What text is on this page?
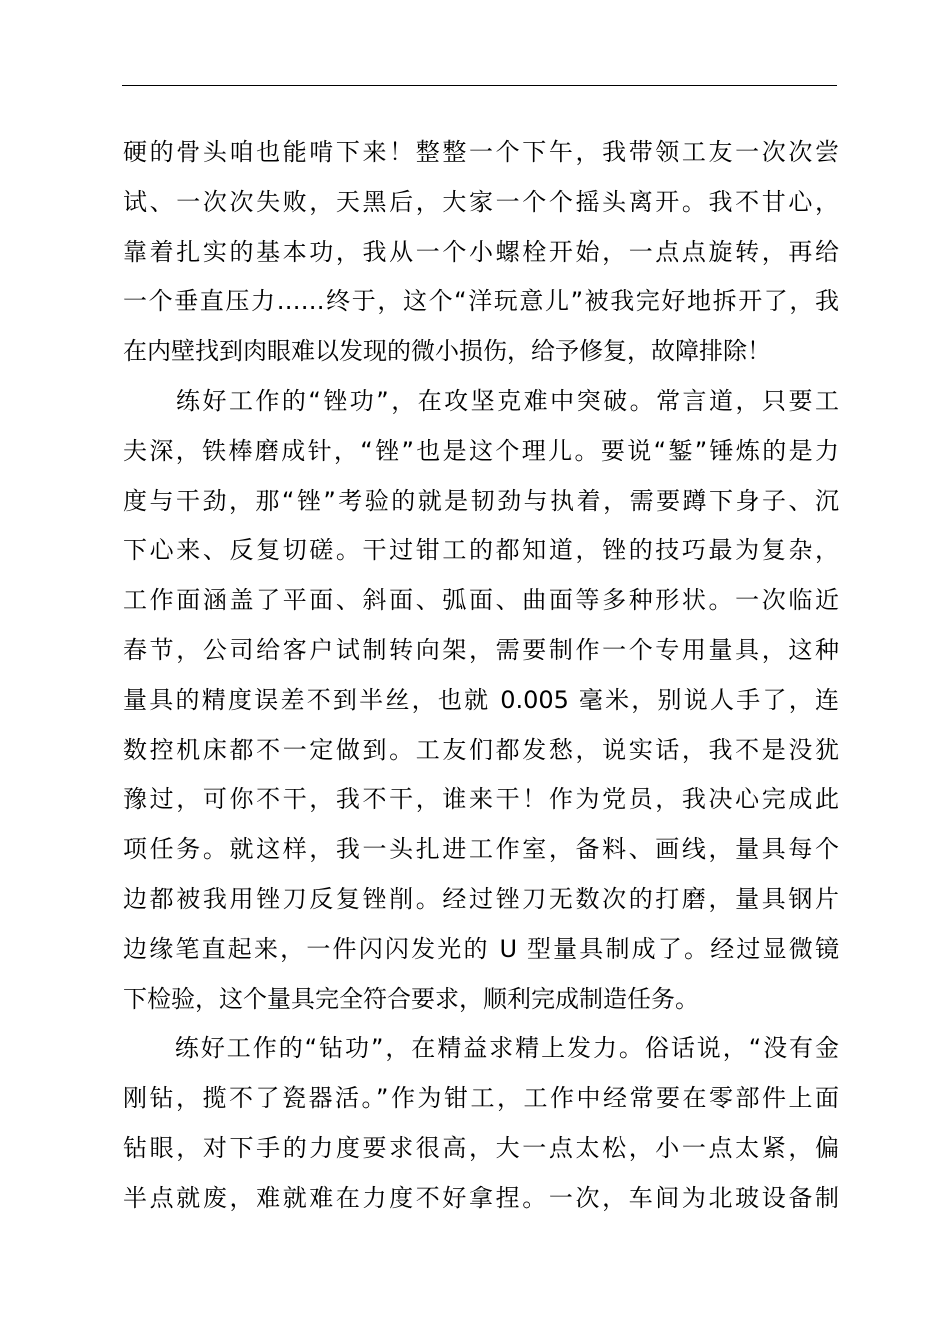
硬的骨头咱也能啃下来！整整一个下午，我带领工友一次次尝
试、一次次失败，天黑后，大家一个个摇头离开。我不甘心，
靠着扎实的基本功，我从一个小螺栓开始，一点点旋转，再给
一个垂直压力……终于，这个“洋玩意儿”被我完好地拆开了，我
在内壁找到肉眼难以发现的微小损伤，给予修复，故障排除！
　　练好工作的“锉功”，在攻坚克难中突破。常言道，只要工
夫深，铁棒磨成针，“锉”也是这个理儿。要说“錾”锤炼的是力
度与干劲，那“锉”考验的就是韧劲与执着，需要蹲下身子、沉
下心来、反复切磋。干过钳工的都知道，锉的技巧最为复杂，
工作面涵盖了平面、斜面、弧面、曲面等多种形状。一次临近
春节，公司给客户试制转向架，需要制作一个专用量具，这种
量具的精度误差不到半丝，也就 0.005 毫米，别说人手了，连
数控机床都不一定做到。工友们都发愁，说实话，我不是没犹
豫过，可你不干，我不干，谁来干！作为党员，我决心完成此
项任务。就这样，我一头扎进工作室，备料、画线，量具每个
边都被我用锉刀反复锉削。经过锉刀无数次的打磨，量具钢片
边缘笔直起来，一件闪闪发光的 U 型量具制成了。经过显微镜
下检验，这个量具完全符合要求，顺利完成制造任务。
　　练好工作的“钻功”，在精益求精上发力。俗话说，“没有金
刚钻，揽不了瓷器活。”作为钳工，工作中经常要在零部件上面
钻眼，对下手的力度要求很高，大一点太松，小一点太紧，偏
半点就废，难就难在力度不好拿捏。一次，车间为北玻设备制
